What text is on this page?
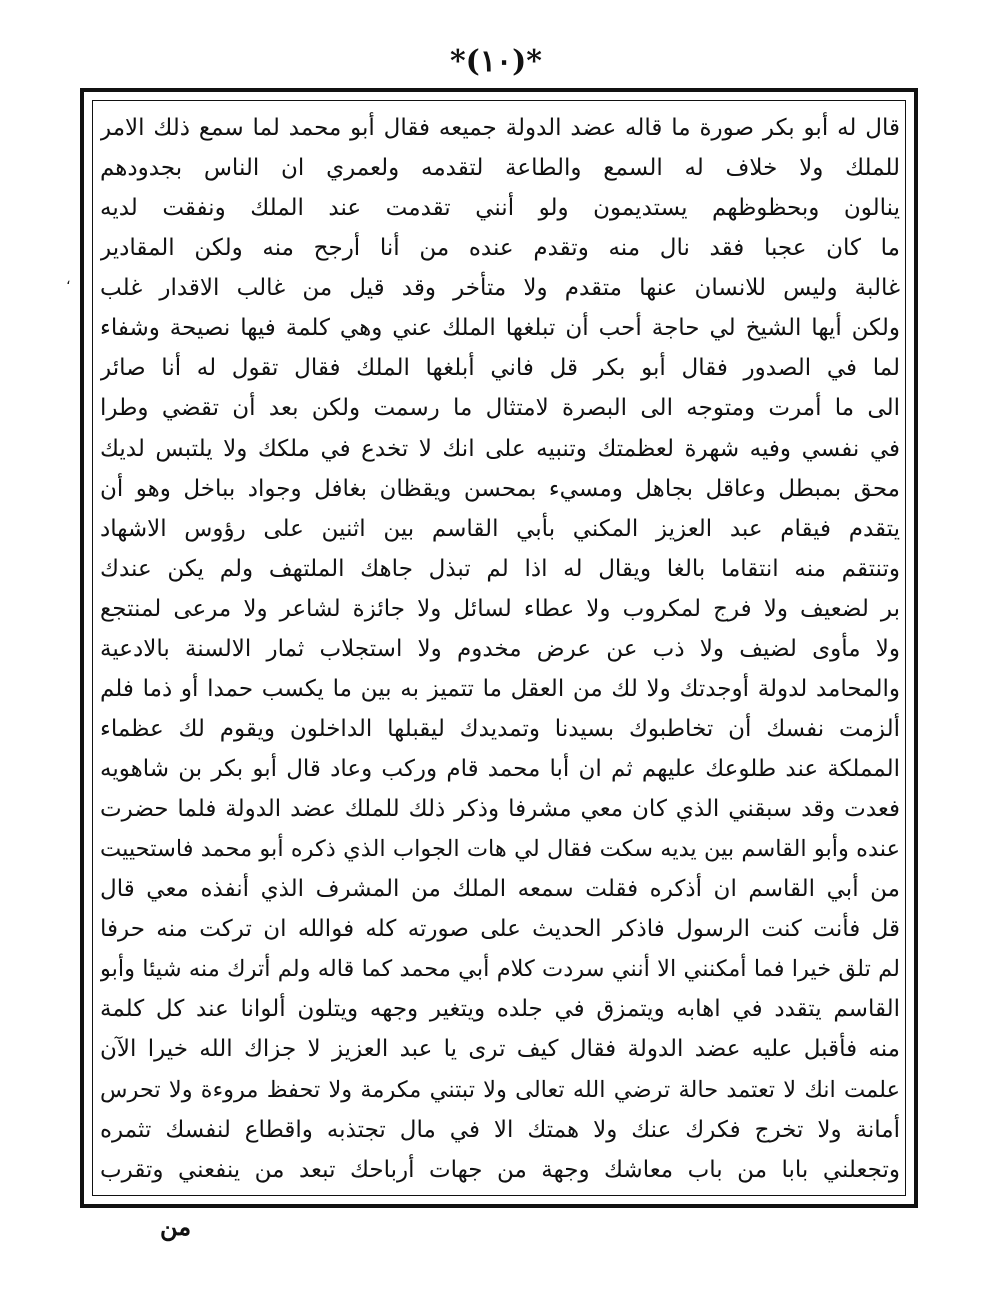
*(١٠)*
،
قال له أبو بكر صورة ما قاله عضد الدولة جميعه فقال أبو محمد لما سمع ذلك الامر
للملك ولا خلاف له السمع والطاعة لتقدمه ولعمري ان الناس بجدودهم
ينالون وبحظوظهم يستديمون ولو أنني تقدمت عند الملك ونفقت لديه
ما كان عجبا فقد نال منه وتقدم عنده من أنا أرجح منه ولكن المقادير
غالبة وليس للانسان عنها متقدم ولا متأخر وقد قيل من غالب الاقدار غلب
ولكن أيها الشيخ لي حاجة أحب أن تبلغها الملك عني وهي كلمة فيها نصيحة وشفاء
لما في الصدور فقال أبو بكر قل فاني أبلغها الملك فقال تقول له أنا صائر
الى ما أمرت ومتوجه الى البصرة لامتثال ما رسمت ولكن بعد أن تقضي وطرا
في نفسي وفيه شهرة لعظمتك وتنبيه على انك لا تخدع في ملكك ولا يلتبس لديك
محق بمبطل وعاقل بجاهل ومسيء بمحسن ويقظان بغافل وجواد بباخل وهو أن
يتقدم فيقام عبد العزيز المكني بأبي القاسم بين اثنين على رؤوس الاشهاد
وتنتقم منه انتقاما بالغا ويقال له اذا لم تبذل جاهك الملتهف ولم يكن عندك
بر لضعيف ولا فرج لمكروب ولا عطاء لسائل ولا جائزة لشاعر ولا مرعى لمنتجع
ولا مأوى لضيف ولا ذب عن عرض مخدوم ولا استجلاب ثمار الالسنة بالادعية
والمحامد لدولة أوجدتك ولا لك من العقل ما تتميز به بين ما يكسب حمدا أو ذما فلم
ألزمت نفسك أن تخاطبوك بسيدنا وتمديدك ليقبلها الداخلون ويقوم لك عظماء
المملكة عند طلوعك عليهم ثم ان أبا محمد قام وركب وعاد قال أبو بكر بن شاهويه
فعدت وقد سبقني الذي كان معي مشرفا وذكر ذلك للملك عضد الدولة فلما حضرت
عنده وأبو القاسم بين يديه سكت فقال لي هات الجواب الذي ذكره أبو محمد فاستحييت
من أبي القاسم ان أذكره فقلت سمعه الملك من المشرف الذي أنفذه معي قال
قل فأنت كنت الرسول فاذكر الحديث على صورته كله فوالله ان تركت منه حرفا
لم تلق خيرا فما أمكنني الا أنني سردت كلام أبي محمد كما قاله ولم أترك منه شيئا وأبو
القاسم يتقدد في اهابه ويتمزق في جلده ويتغير وجهه ويتلون ألوانا عند كل كلمة
منه فأقبل عليه عضد الدولة فقال كيف ترى يا عبد العزيز لا جزاك الله خيرا الآن
علمت انك لا تعتمد حالة ترضي الله تعالى ولا تبتني مكرمة ولا تحفظ مروءة ولا تحرس
أمانة ولا تخرج فكرك عنك ولا همتك الا في مال تجتذبه واقطاع لنفسك تثمره
وتجعلني بابا من باب معاشك وجهة من جهات أرباحك تبعد من ينفعني وتقرب
من
